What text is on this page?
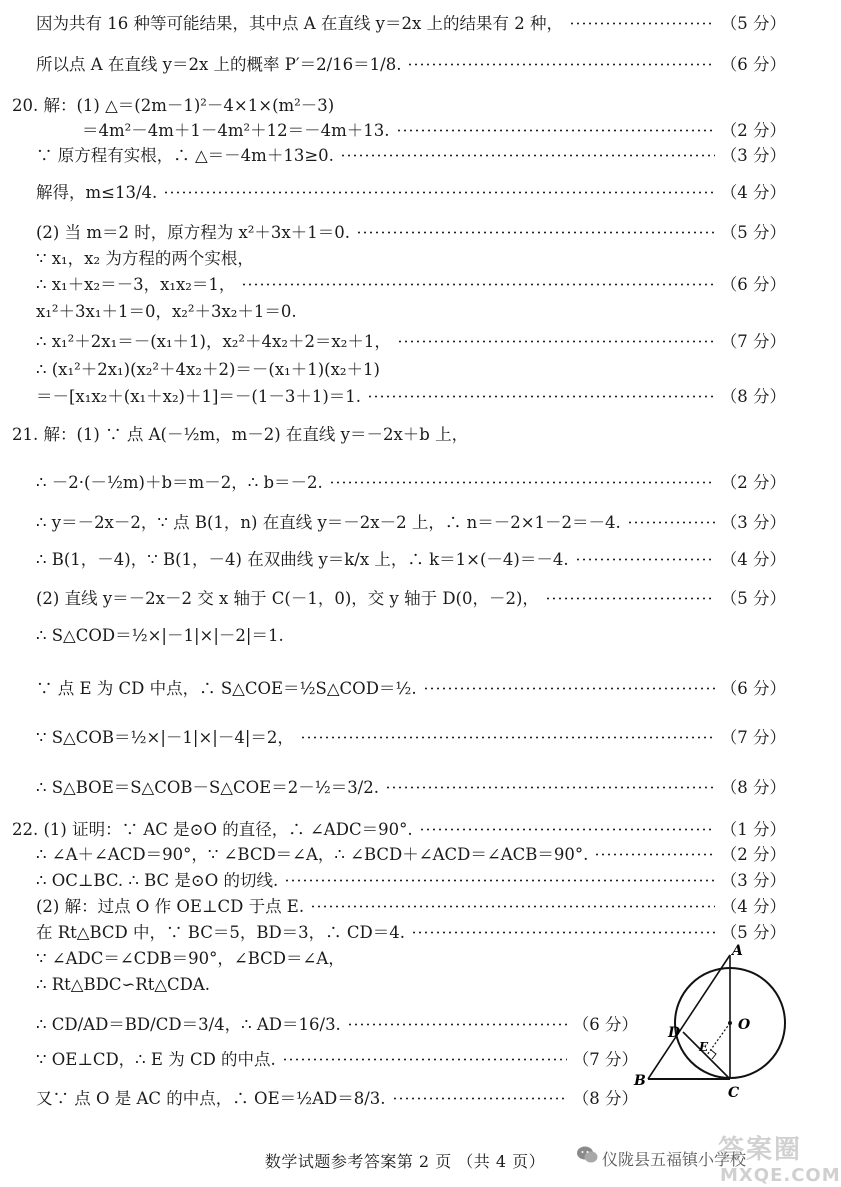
因为共有 16 种等可能结果，其中点 A 在直线 y＝2x 上的结果有 2 种，	（5 分）
所以点 A 在直线 y＝2x 上的概率 P′＝2/16＝1/8.	（6 分）
20. 解：(1) △＝(2m－1)²－4×1×(m²－3)
＝4m²－4m＋1－4m²＋12＝－4m＋13.	（2 分）
∵ 原方程有实根，∴ △＝－4m＋13≥0.	（3 分）
解得，m≤13/4.	（4 分）
(2) 当 m＝2 时，原方程为 x²＋3x＋1＝0.	（5 分）
∵ x₁，x₂ 为方程的两个实根，
∴ x₁＋x₂＝－3，x₁x₂＝1，	（6 分）
x₁²＋3x₁＋1＝0，x₂²＋3x₂＋1＝0.
∴ x₁²＋2x₁＝－(x₁＋1)，x₂²＋4x₂＋2＝x₂＋1，	（7 分）
∴ (x₁²＋2x₁)(x₂²＋4x₂＋2)＝－(x₁＋1)(x₂＋1)
＝－[x₁x₂＋(x₁＋x₂)＋1]＝－(1－3＋1)＝1.	（8 分）
21. 解：(1) ∵ 点 A(－½m，m－2) 在直线 y＝－2x＋b 上，
∴ －2·(－½m)＋b＝m－2，∴ b＝－2.	（2 分）
∴ y＝－2x－2，∵ 点 B(1，n) 在直线 y＝－2x－2 上，∴ n＝－2×1－2＝－4.	（3 分）
∴ B(1，－4)，∵ B(1，－4) 在双曲线 y＝k/x 上，∴ k＝1×(－4)＝－4.	（4 分）
(2) 直线 y＝－2x－2 交 x 轴于 C(－1，0)，交 y 轴于 D(0，－2)，	（5 分）
∴ S△COD＝½×|－1|×|－2|＝1.
∵ 点 E 为 CD 中点，∴ S△COE＝½S△COD＝½.	（6 分）
∵ S△COB＝½×|－1|×|－4|＝2，	（7 分）
∴ S△BOE＝S△COB－S△COE＝2－½＝3/2.	（8 分）
22. (1) 证明：∵ AC 是⊙O 的直径，∴ ∠ADC＝90°.	（1 分）
∴ ∠A＋∠ACD＝90°，∵ ∠BCD＝∠A，∴ ∠BCD＋∠ACD＝∠ACB＝90°.	（2 分）
∴ OC⊥BC. ∴ BC 是⊙O 的切线.	（3 分）
(2) 解：过点 O 作 OE⊥CD 于点 E.	（4 分）
在 Rt△BCD 中，∵ BC＝5，BD＝3，∴ CD＝4.	（5 分）
∵ ∠ADC＝∠CDB＝90°，∠BCD＝∠A，
∴ Rt△BDC∽Rt△CDA.
∴ CD/AD＝BD/CD＝3/4，∴ AD＝16/3.	（6 分）
∵ OE⊥CD，∴ E 为 CD 的中点.	（7 分）
又∵ 点 O 是 AC 的中点，∴ OE＝½AD＝8/3.	（8 分）
A
O
D
E
B
C
数学试题参考答案第 2 页 （共 4 页）	仪陇县五福镇小学校
答案圈
MXQE.COM
